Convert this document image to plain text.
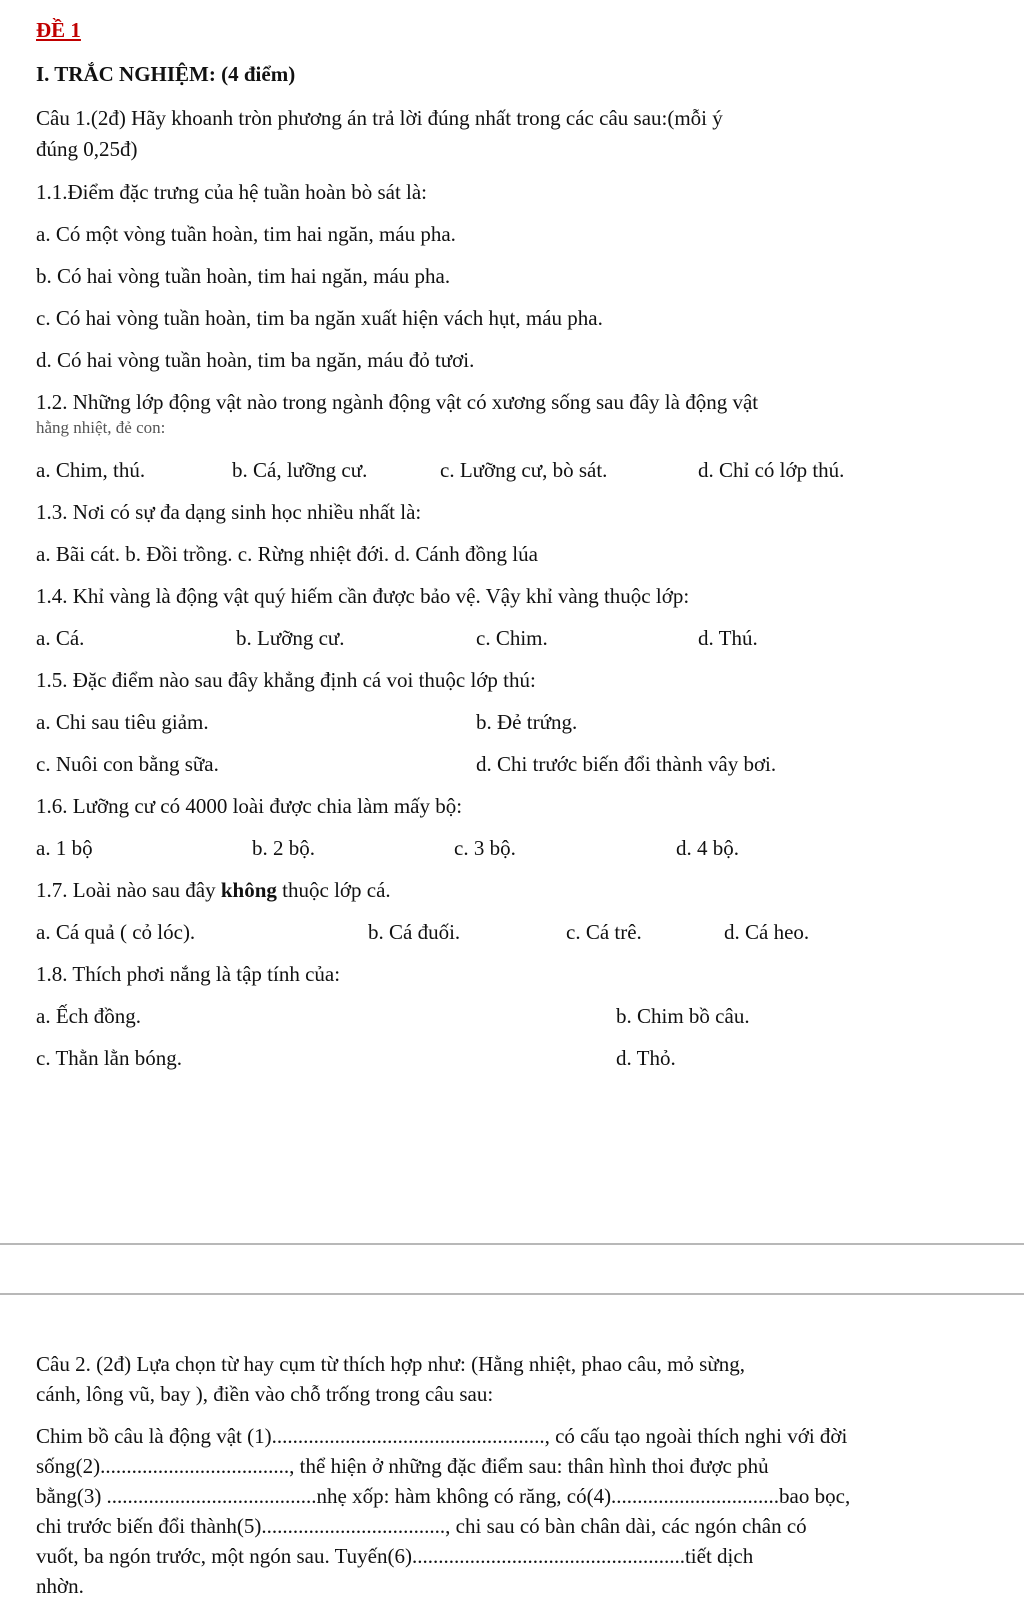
ĐỀ 1
I. TRẮC NGHIỆM: (4 điểm)
Câu 1.(2đ) Hãy khoanh tròn phương án trả lời đúng nhất trong các câu sau:(mỗi ý
đúng 0,25đ)
1.1.Điểm đặc trưng của hệ tuần hoàn bò sát là:
a. Có một vòng tuần hoàn, tim hai ngăn, máu pha.
b. Có hai vòng tuần hoàn, tim hai ngăn, máu pha.
c. Có hai vòng tuần hoàn, tim ba ngăn xuất hiện vách hụt, máu pha.
d. Có hai vòng tuần hoàn, tim ba ngăn, máu đỏ tươi.
1.2. Những lớp động vật nào trong ngành động vật có xương sống sau đây là động vật
hằng nhiệt, đẻ con:
a. Chim, thú.	b. Cá, lưỡng cư.	c. Lưỡng cư, bò sát.	d. Chỉ có lớp thú.
1.3. Nơi có sự đa dạng sinh học nhiều nhất là:
a. Bãi cát. b. Đồi trồng. c. Rừng nhiệt đới. d. Cánh đồng lúa
1.4. Khỉ vàng là động vật quý hiếm cần được bảo vệ. Vậy khỉ vàng thuộc lớp:
a. Cá.	b. Lưỡng cư.	c. Chim.	d. Thú.
1.5. Đặc điểm nào sau đây khẳng định cá voi thuộc lớp thú:
a. Chi sau tiêu giảm.	b. Đẻ trứng.
c. Nuôi con bằng sữa.	d. Chi trước biến đổi thành vây bơi.
1.6. Lưỡng cư có 4000 loài được chia làm mấy bộ:
a. 1 bộ	b. 2 bộ.	c. 3 bộ.	d. 4 bộ.
1.7. Loài nào sau đây không thuộc lớp cá.
a. Cá quả ( cỏ lóc).	b. Cá đuối.	c. Cá trê.	d. Cá heo.
1.8. Thích phơi nắng là tập tính của:
a. Ếch đồng.	b. Chim bồ câu.
c. Thằn lằn bóng.	d. Thỏ.
Câu 2. (2đ) Lựa chọn từ hay cụm từ thích hợp như: (Hằng nhiệt, phao câu, mỏ sừng,
cánh, lông vũ, bay ), điền vào chỗ trống trong câu sau:
Chim bồ câu là động vật (1)...................................................., có cấu tạo ngoài thích nghi với đời
sống(2)...................................., thể hiện ở những đặc điểm sau: thân hình thoi được phủ
bằng(3) ........................................nhẹ xốp: hàm không có răng, có(4)................................bao bọc,
chi trước biến đổi thành(5)..................................., chi sau có bàn chân dài, các ngón chân có
vuốt, ba ngón trước, một ngón sau. Tuyến(6)....................................................tiết dịch
nhờn.
